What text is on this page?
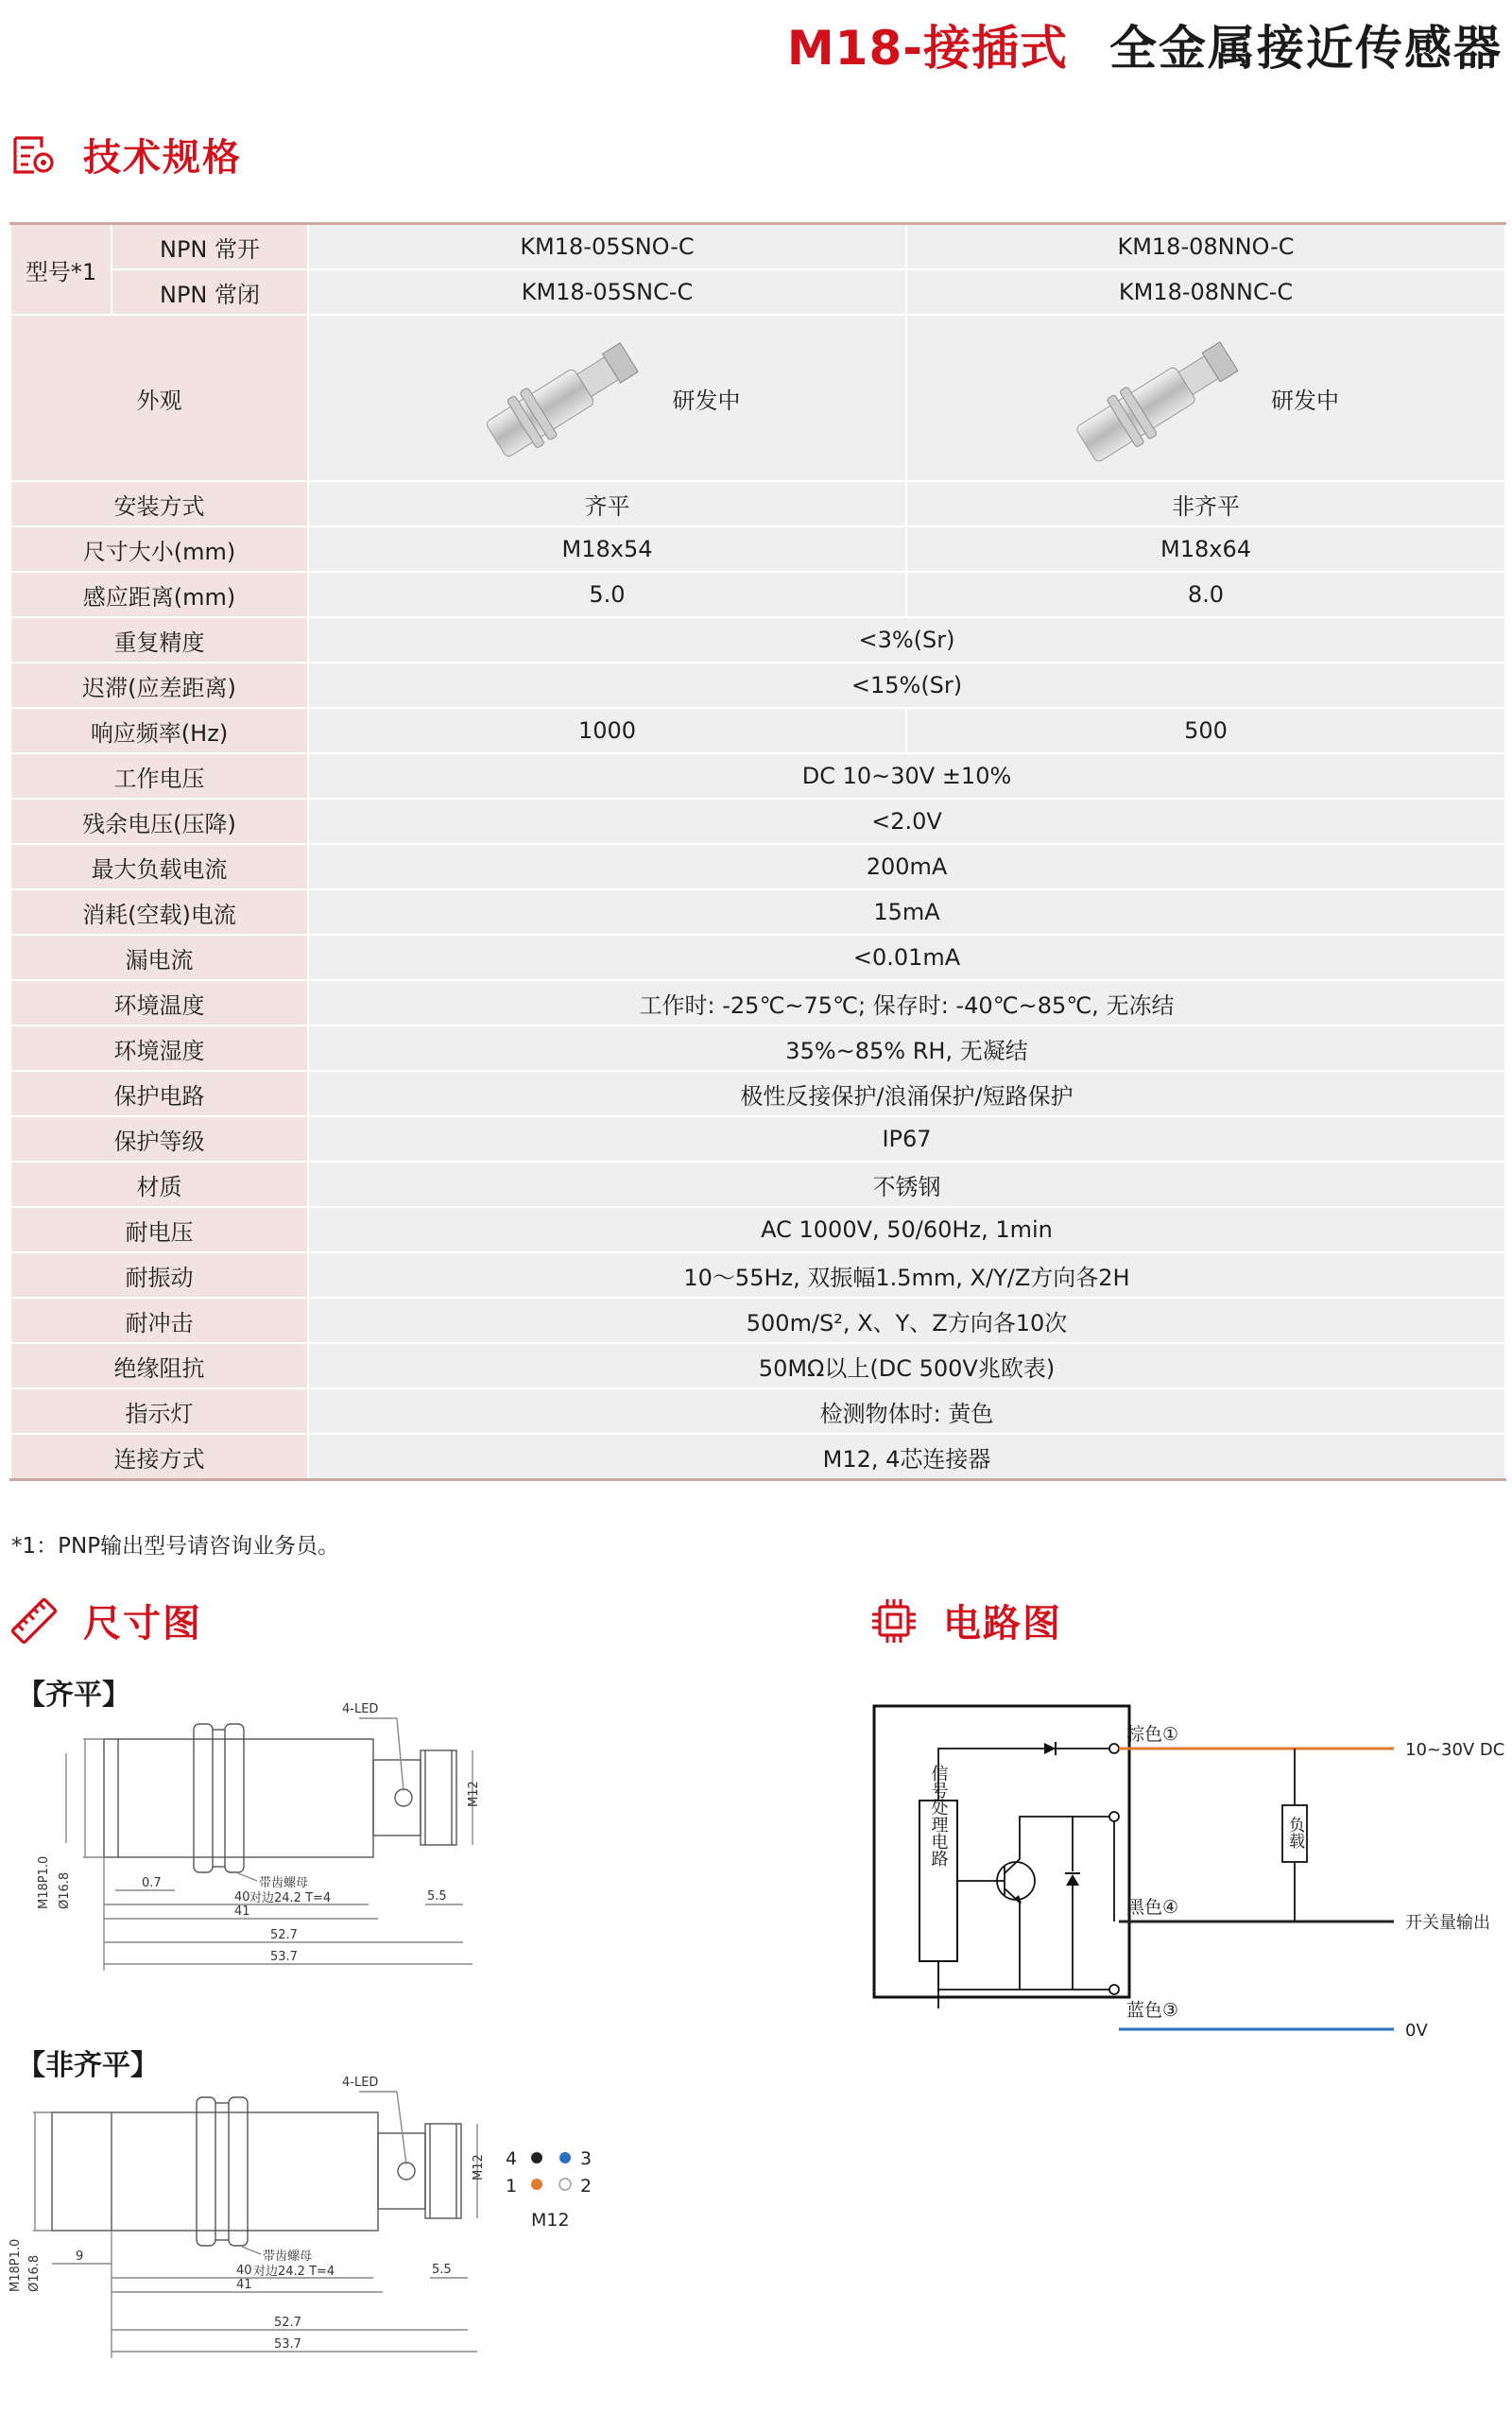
M18-接插式 全金属接近传感器
技术规格
型号*1	NPN 常开	KM18-05SNO-C	KM18-08NNO-C
	NPN 常闭	KM18-05SNC-C	KM18-08NNC-C
外观		研发中	研发中

安装方式		齐平	非齐平
尺寸大小(mm)		M18x54	M18x64
感应距离(mm)		5.0	8.0
重复精度		<3%(Sr)	
迟滞(应差距离)		<15%(Sr)	
响应频率(Hz)		1000	500
工作电压		DC 10~30V ±10%	
残余电压(压降)		<2.0V	
最大负载电流		200mA	
消耗(空载)电流		15mA	
漏电流		<0.01mA	
环境温度		工作时: -25℃~75℃; 保存时: -40℃~85℃, 无冻结	
环境湿度		35%~85% RH, 无凝结	
保护电路		极性反接保护/浪涌保护/短路保护	
保护等级		IP67	
材质		不锈钢	
耐电压		AC 1000V, 50/60Hz, 1min	
耐振动		10〜55Hz, 双振幅1.5mm, X/Y/Z方向各2H	
耐冲击		500m/S², X、Y、Z方向各10次	
绝缘阻抗		50MΩ以上(DC 500V兆欧表)	
指示灯		检测物体时: 黄色	
连接方式		M12, 4芯连接器	
*1：PNP输出型号请咨询业务员。
尺寸图	电路图
【齐平】	4-LED
M12
M18P1.0 Ø16.8	带齿螺母
对边24.2 T=4
0.7
5.5
40
41
52.7
53.7
【非齐平】
4-LED
M12
M18P1.0 Ø16.8	带齿螺母
对边24.2 T=4
9
5.5
40
41
52.7
53.7
4	3
1	2
M12
信号处理电路	负载
棕色①
黑色④
蓝色③
10~30V DC
开关量输出
0V
